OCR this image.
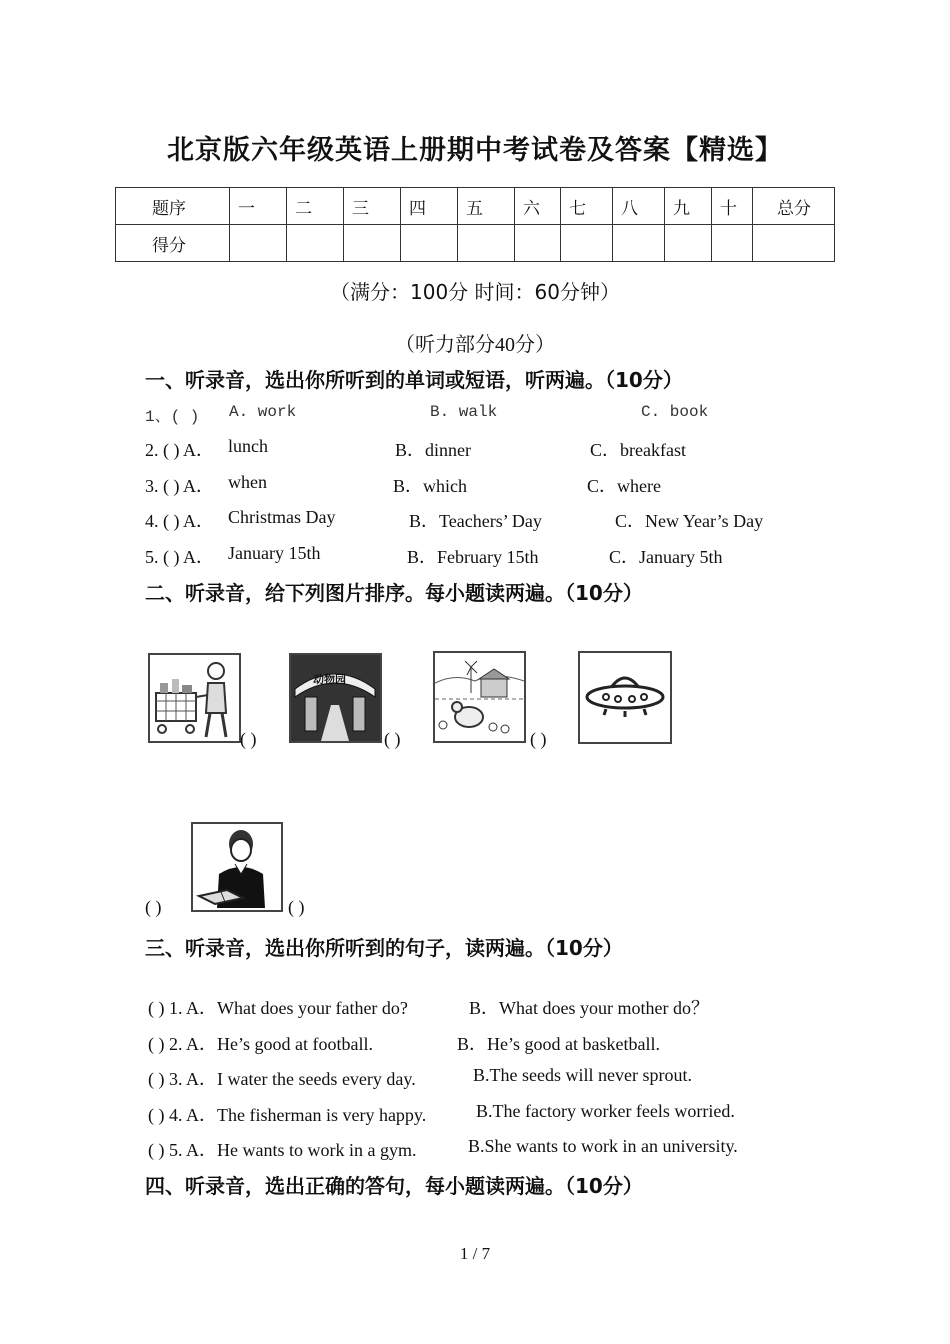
北京版六年级英语上册期中考试卷及答案【精选】
题序	一	二	三	四	五	六	七	八	九	十	总分
得分											
（满分：100分 时间：60分钟）
（听力部分40分）
一、听录音，选出你所听到的单词或短语，听两遍。（10分）
1、( ) A. work	B. walk	C. book
2. ( ) A． lunch	B．dinner	C．breakfast
3. ( ) A． when	B．which	C．where
4. ( ) A． Christmas Day	B．Teachers’ Day	C．New Year’s Day
5. ( ) A． January 15th	B．February 15th	C．January 5th
二、听录音，给下列图片排序。每小题读两遍。（10分）
( )
动物园
( )	( )
( )	( )
三、听录音，选出你所听到的句子，读两遍。（10分）
( ) 1. A．What does your father do?	B．What does your mother do？
( ) 2. A．He’s good at football.	B．He’s good at basketball.
( ) 3. A．I water the seeds every day.	B.The seeds will never sprout.
( ) 4. A．The fisherman is very happy.	B.The factory worker feels worried.
( ) 5. A．He wants to work in a gym.	B.She wants to work in an university.
四、听录音，选出正确的答句，每小题读两遍。（10分）
1 / 7
